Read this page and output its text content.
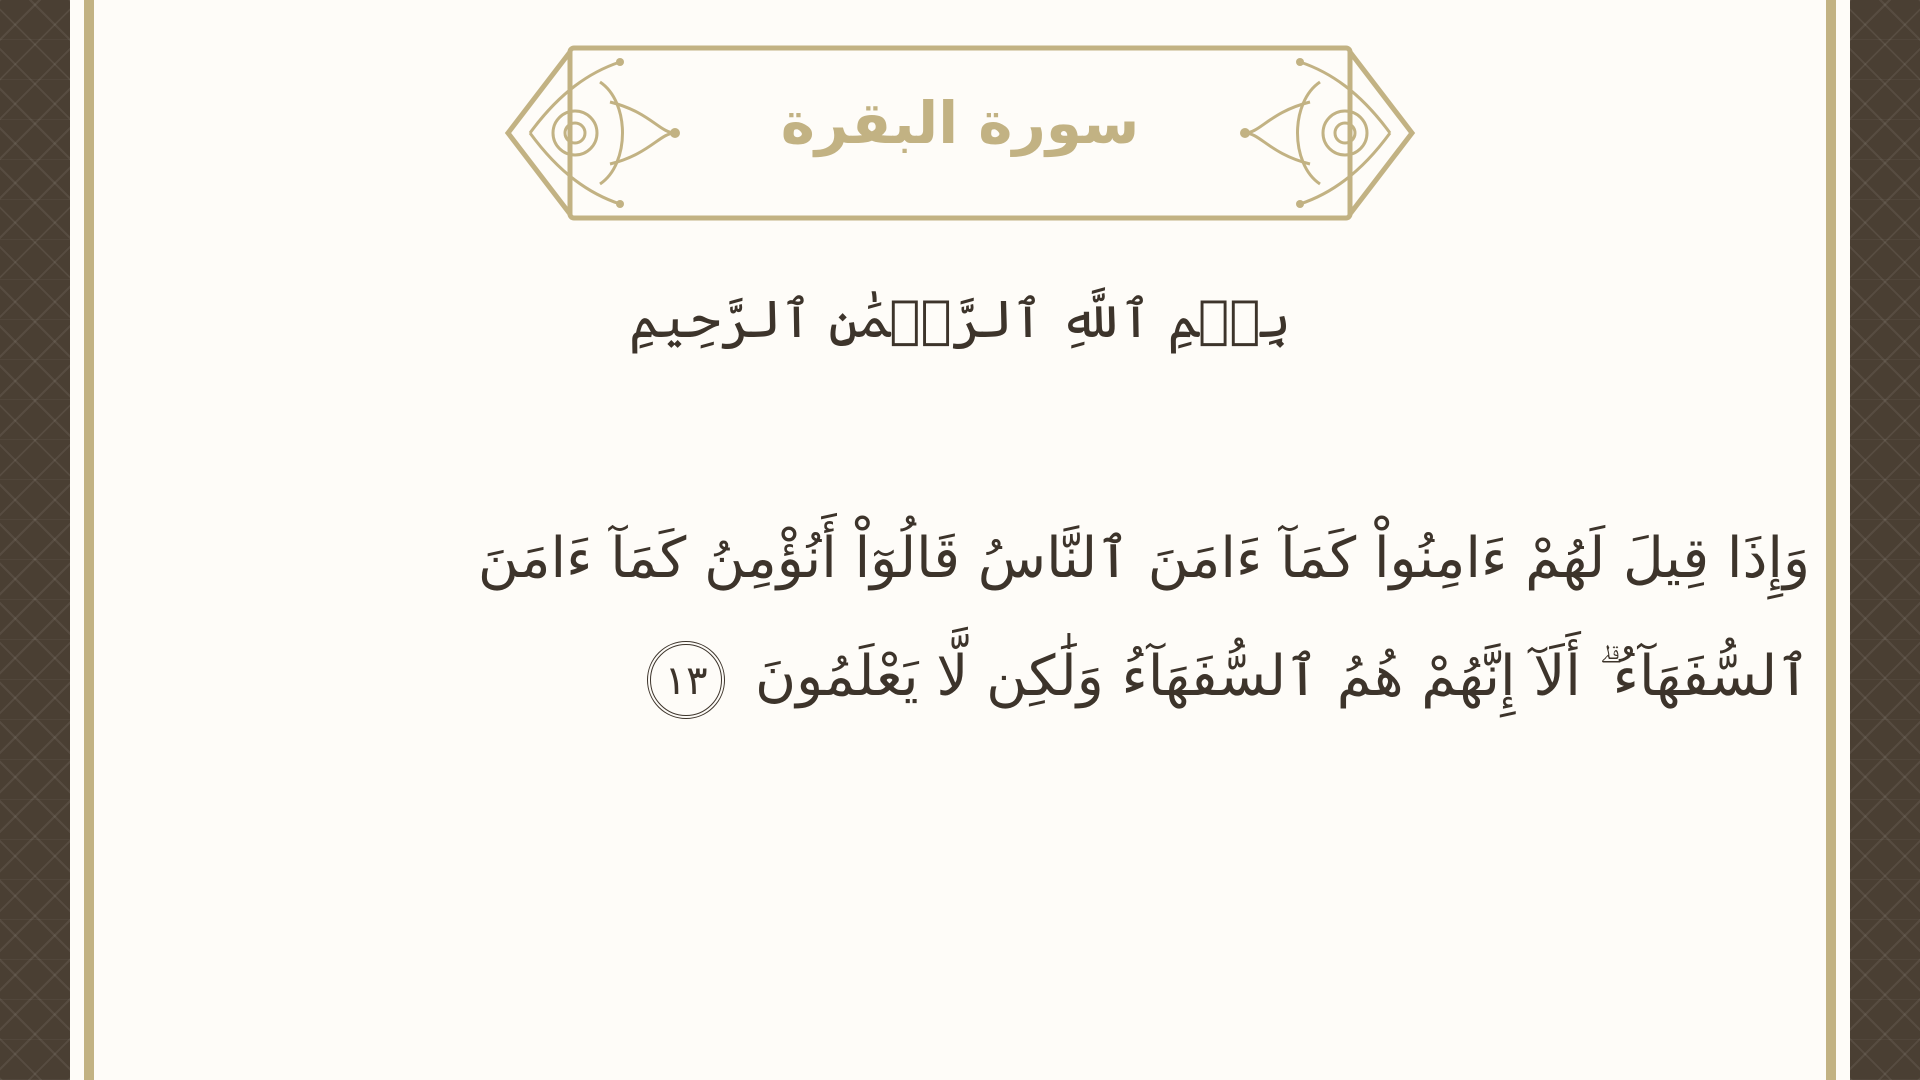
سورة البقرة
بِسۡمِ ٱللَّهِ ٱلرَّحۡمَٰنِ ٱلرَّحِيمِ
وَإِذَا قِيلَ لَهُمْ ءَامِنُواْ كَمَآ ءَامَنَ ٱلنَّاسُ قَالُوٓاْ أَنُؤْمِنُ كَمَآ ءَامَنَ ٱلسُّفَهَآءُ ۗ أَلَآ إِنَّهُمْ هُمُ ٱلسُّفَهَآءُ وَلَٰكِن لَّا يَعْلَمُونَ ١٣
